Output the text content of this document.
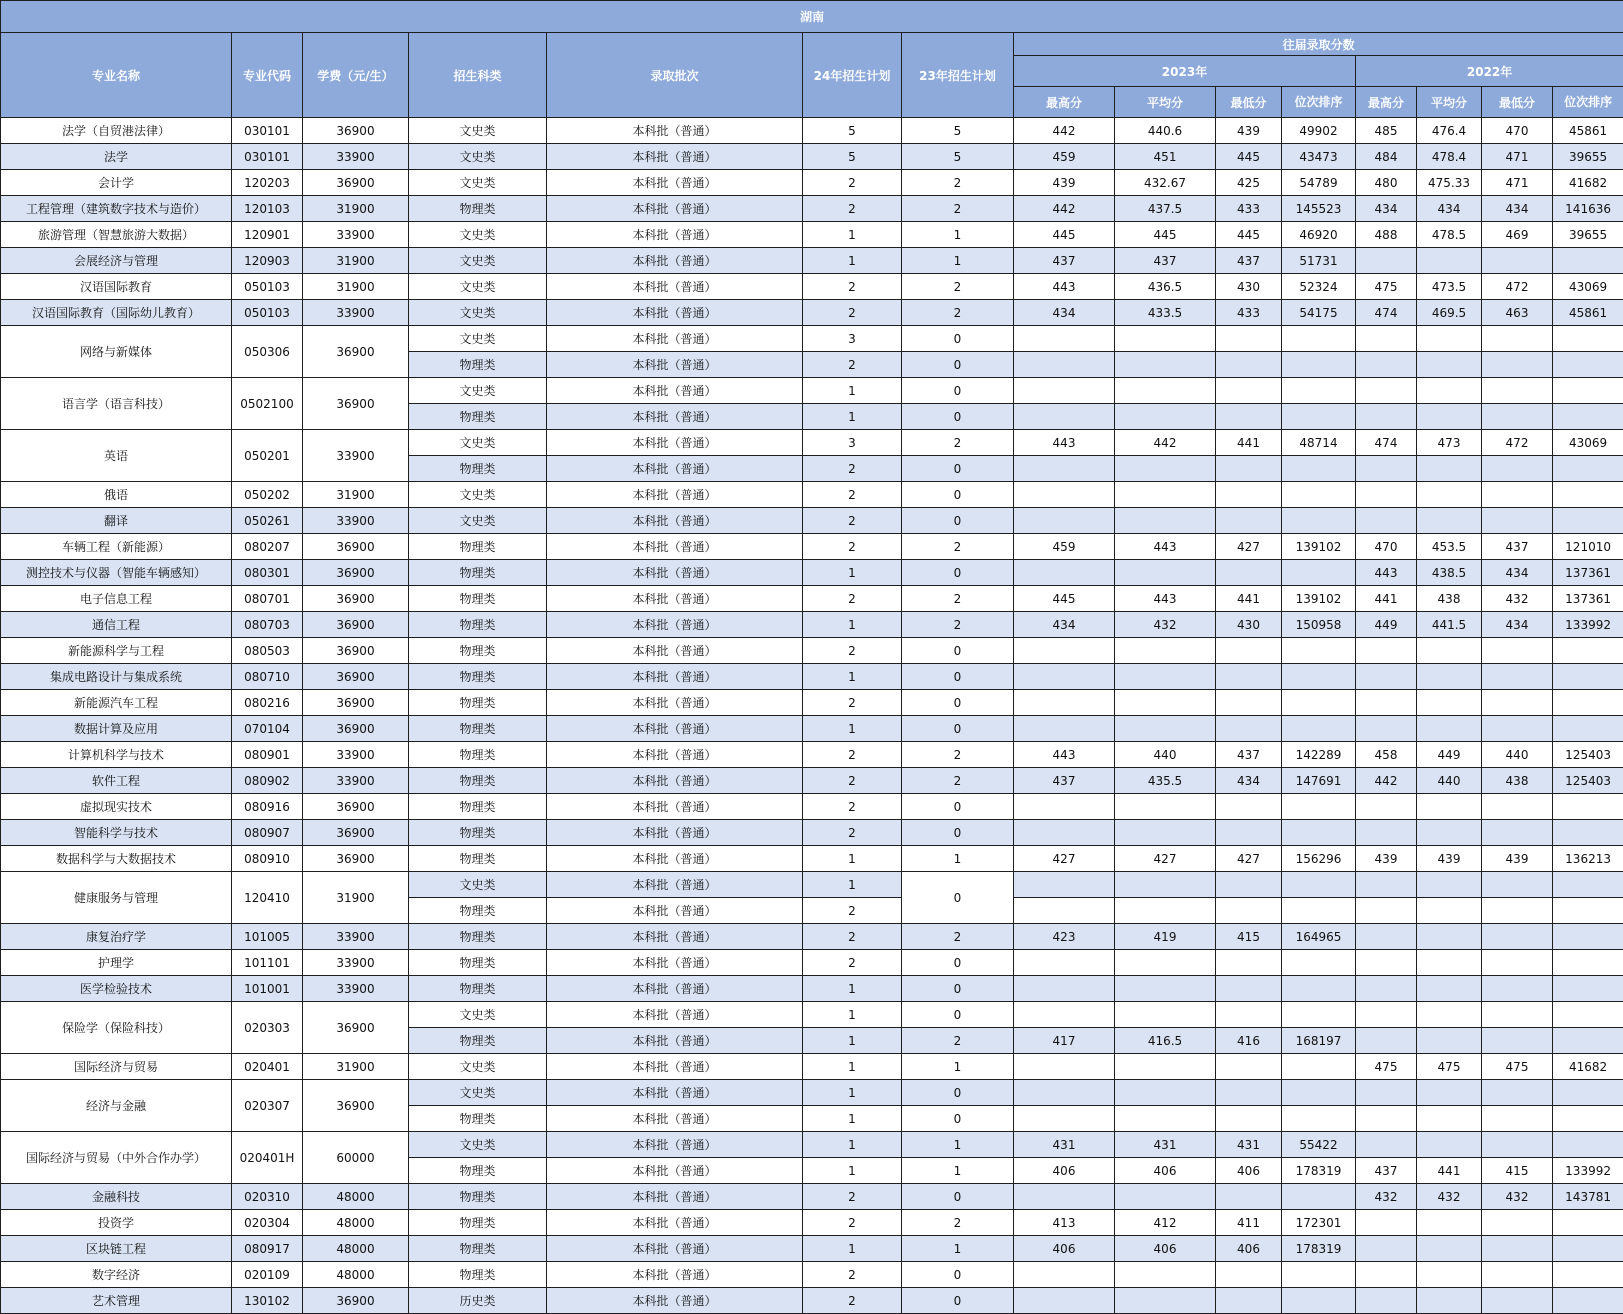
湖南														
专业名称	专业代码	学费（元/生）	招生科类	录取批次	24年招生计划	23年招生计划	往届录取分数							
							2023年				2022年			
							最高分	平均分	最低分	位次排序	最高分	平均分	最低分	位次排序
法学（自贸港法律）	030101	36900	文史类	本科批（普通）	5	5	442	440.6	439	49902	485	476.4	470	45861
法学	030101	33900	文史类	本科批（普通）	5	5	459	451	445	43473	484	478.4	471	39655
会计学	120203	36900	文史类	本科批（普通）	2	2	439	432.67	425	54789	480	475.33	471	41682
工程管理（建筑数字技术与造价）	120103	31900	物理类	本科批（普通）	2	2	442	437.5	433	145523	434	434	434	141636
旅游管理（智慧旅游大数据）	120901	33900	文史类	本科批（普通）	1	1	445	445	445	46920	488	478.5	469	39655
会展经济与管理	120903	31900	文史类	本科批（普通）	1	1	437	437	437	51731				
汉语国际教育	050103	31900	文史类	本科批（普通）	2	2	443	436.5	430	52324	475	473.5	472	43069
汉语国际教育（国际幼儿教育）	050103	33900	文史类	本科批（普通）	2	2	434	433.5	433	54175	474	469.5	463	45861
网络与新媒体	050306	36900	文史类	本科批（普通）	3	0								
			物理类	本科批（普通）	2	0								
语言学（语言科技）	0502100	36900	文史类	本科批（普通）	1	0								
			物理类	本科批（普通）	1	0								
英语	050201	33900	文史类	本科批（普通）	3	2	443	442	441	48714	474	473	472	43069
			物理类	本科批（普通）	2	0								
俄语	050202	31900	文史类	本科批（普通）	2	0								
翻译	050261	33900	文史类	本科批（普通）	2	0								
车辆工程（新能源）	080207	36900	物理类	本科批（普通）	2	2	459	443	427	139102	470	453.5	437	121010
测控技术与仪器（智能车辆感知）	080301	36900	物理类	本科批（普通）	1	0					443	438.5	434	137361
电子信息工程	080701	36900	物理类	本科批（普通）	2	2	445	443	441	139102	441	438	432	137361
通信工程	080703	36900	物理类	本科批（普通）	1	2	434	432	430	150958	449	441.5	434	133992
新能源科学与工程	080503	36900	物理类	本科批（普通）	2	0								
集成电路设计与集成系统	080710	36900	物理类	本科批（普通）	1	0								
新能源汽车工程	080216	36900	物理类	本科批（普通）	2	0								
数据计算及应用	070104	36900	物理类	本科批（普通）	1	0								
计算机科学与技术	080901	33900	物理类	本科批（普通）	2	2	443	440	437	142289	458	449	440	125403
软件工程	080902	33900	物理类	本科批（普通）	2	2	437	435.5	434	147691	442	440	438	125403
虚拟现实技术	080916	36900	物理类	本科批（普通）	2	0								
智能科学与技术	080907	36900	物理类	本科批（普通）	2	0								
数据科学与大数据技术	080910	36900	物理类	本科批（普通）	1	1	427	427	427	156296	439	439	439	136213
健康服务与管理	120410	31900	文史类	本科批（普通）	1	0								
			物理类	本科批（普通）	2									
康复治疗学	101005	33900	物理类	本科批（普通）	2	2	423	419	415	164965				
护理学	101101	33900	物理类	本科批（普通）	2	0								
医学检验技术	101001	33900	物理类	本科批（普通）	1	0								
保险学（保险科技）	020303	36900	文史类	本科批（普通）	1	0								
			物理类	本科批（普通）	1	2	417	416.5	416	168197				
国际经济与贸易	020401	31900	文史类	本科批（普通）	1	1					475	475	475	41682
经济与金融	020307	36900	文史类	本科批（普通）	1	0								
			物理类	本科批（普通）	1	0								
国际经济与贸易（中外合作办学）	020401H	60000	文史类	本科批（普通）	1	1	431	431	431	55422				
			物理类	本科批（普通）	1	1	406	406	406	178319	437	441	415	133992
金融科技	020310	48000	物理类	本科批（普通）	2	0					432	432	432	143781
投资学	020304	48000	物理类	本科批（普通）	2	2	413	412	411	172301				
区块链工程	080917	48000	物理类	本科批（普通）	1	1	406	406	406	178319				
数字经济	020109	48000	物理类	本科批（普通）	2	0								
艺术管理	130102	36900	历史类	本科批（普通）	2	0								
